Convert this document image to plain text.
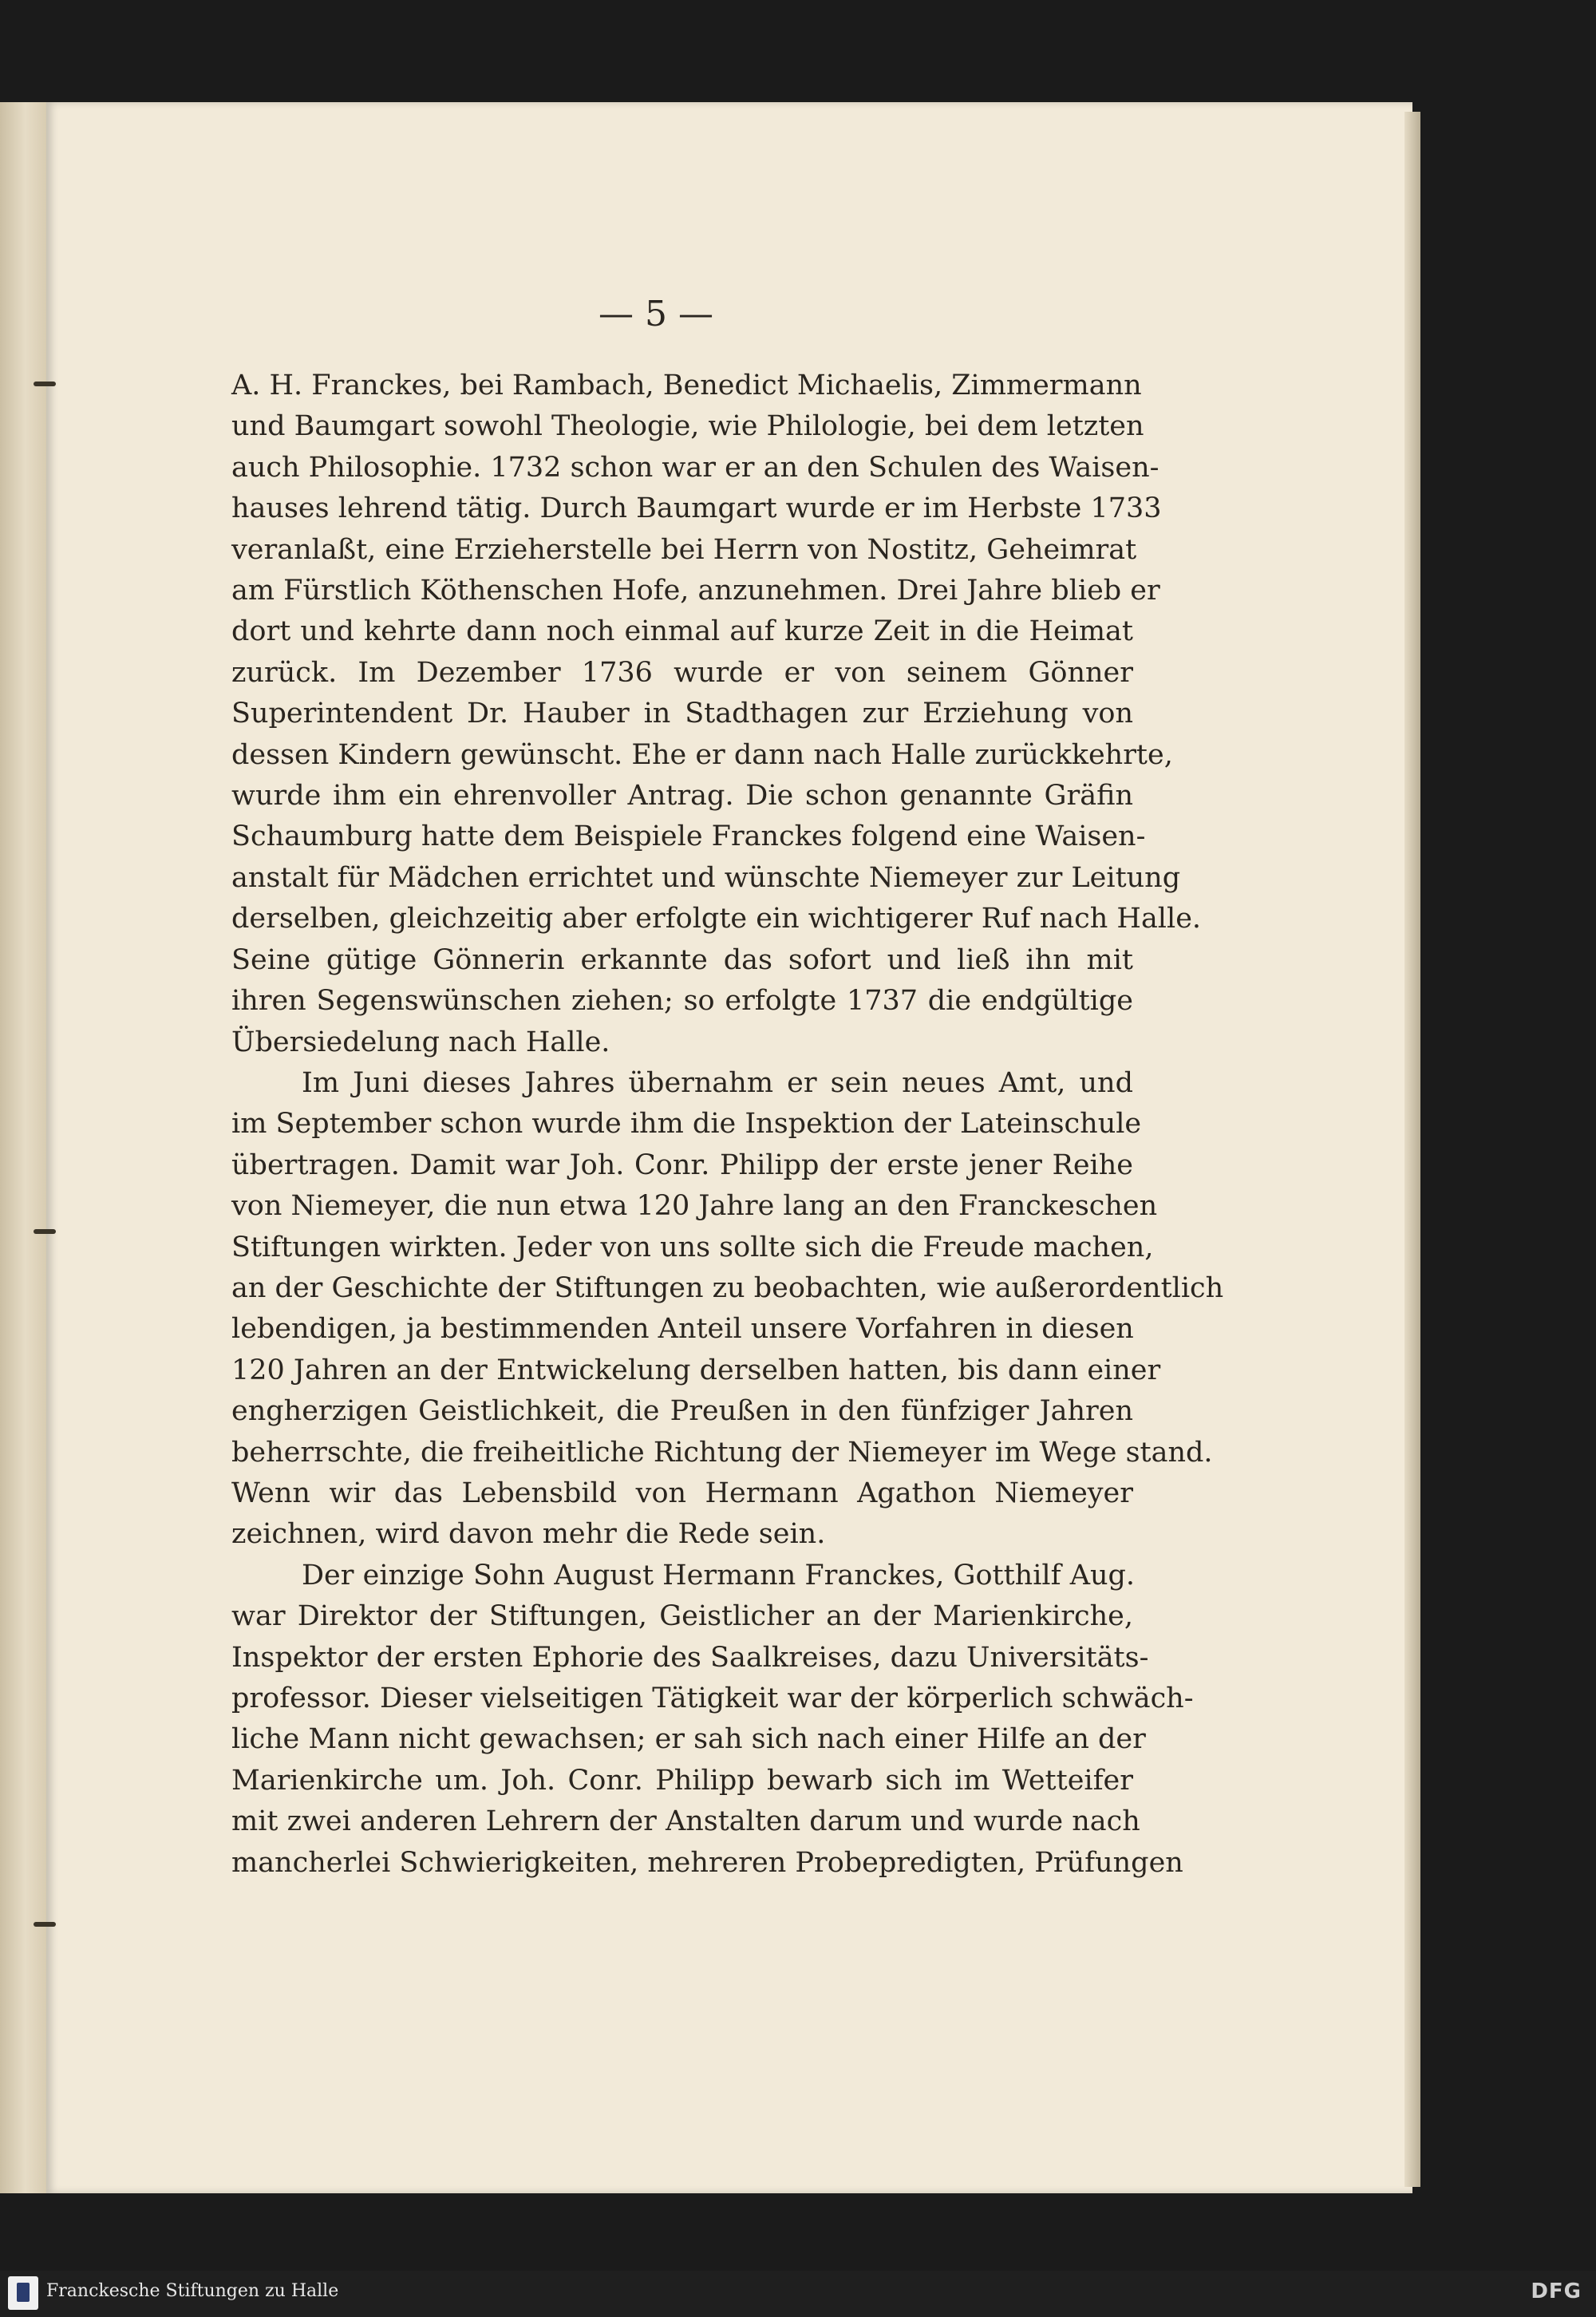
— 5 —
A. H. Franckes, bei Rambach, Benedict Michaelis, Zimmermann
und Baumgart sowohl Theologie, wie Philologie, bei dem letzten
auch Philosophie. 1732 schon war er an den Schulen des Waisen-
hauses lehrend tätig. Durch Baumgart wurde er im Herbste 1733
veranlaßt, eine Erzieherstelle bei Herrn von Nostitz, Geheimrat
am Fürstlich Köthenschen Hofe, anzunehmen. Drei Jahre blieb er
dort und kehrte dann noch einmal auf kurze Zeit in die Heimat
zurück. Im Dezember 1736 wurde er von seinem Gönner
Superintendent Dr. Hauber in Stadthagen zur Erziehung von
dessen Kindern gewünscht. Ehe er dann nach Halle zurückkehrte,
wurde ihm ein ehrenvoller Antrag. Die schon genannte Gräfin
Schaumburg hatte dem Beispiele Franckes folgend eine Waisen-
anstalt für Mädchen errichtet und wünschte Niemeyer zur Leitung
derselben, gleichzeitig aber erfolgte ein wichtigerer Ruf nach Halle.
Seine gütige Gönnerin erkannte das sofort und ließ ihn mit
ihren Segenswünschen ziehen; so erfolgte 1737 die endgültige
Übersiedelung nach Halle.
Im Juni dieses Jahres übernahm er sein neues Amt, und
im September schon wurde ihm die Inspektion der Lateinschule
übertragen. Damit war Joh. Conr. Philipp der erste jener Reihe
von Niemeyer, die nun etwa 120 Jahre lang an den Franckeschen
Stiftungen wirkten. Jeder von uns sollte sich die Freude machen,
an der Geschichte der Stiftungen zu beobachten, wie außerordentlich
lebendigen, ja bestimmenden Anteil unsere Vorfahren in diesen
120 Jahren an der Entwickelung derselben hatten, bis dann einer
engherzigen Geistlichkeit, die Preußen in den fünfziger Jahren
beherrschte, die freiheitliche Richtung der Niemeyer im Wege stand.
Wenn wir das Lebensbild von Hermann Agathon Niemeyer
zeichnen, wird davon mehr die Rede sein.
Der einzige Sohn August Hermann Franckes, Gotthilf Aug.
war Direktor der Stiftungen, Geistlicher an der Marienkirche,
Inspektor der ersten Ephorie des Saalkreises, dazu Universitäts-
professor. Dieser vielseitigen Tätigkeit war der körperlich schwäch-
liche Mann nicht gewachsen; er sah sich nach einer Hilfe an der
Marienkirche um. Joh. Conr. Philipp bewarb sich im Wetteifer
mit zwei anderen Lehrern der Anstalten darum und wurde nach
mancherlei Schwierigkeiten, mehreren Probepredigten, Prüfungen
Franckesche Stiftungen zu Halle	DFG
